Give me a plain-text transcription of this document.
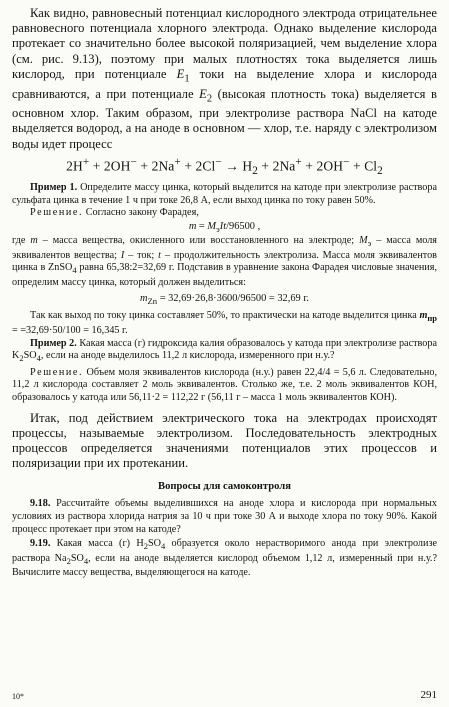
Как видно, равновесный потенциал кислородного электрода отрицательнее равновесного потенциала хлорного электрода. Однако выделение кислорода протекает со значительно более высокой поляризацией, чем выделение хлора (см. рис. 9.13), поэтому при малых плотностях тока выделяется лишь кислород, при потенциале $E_1$ токи на выделение хлора и кислорода сравниваются, а при потенциале $E_2$ (высокая плотность тока) выделяется в основном хлор. Таким образом, при электролизе раствора NaCl на катоде выделяется водород, а на аноде в основном — хлор, т.е. наряду с электролизом воды идет процесс

$2H^+ + 2OH^- + 2Na^+ + 2Cl^- \to H_2 + 2Na^+ + 2OH^- + Cl_2$

Пример 1. Определите массу цинка, который выделится на катоде при электролизе раствора сульфата цинка в течение 1 ч при токе 26,8 А, если выход цинка по току равен 50%.

Решение. Согласно закону Фарадея,

$m = M_эIt/96500$ ,

где m – масса вещества, окисленного или восстановленного на электроде; $M_э$ – масса моля эквивалентов вещества; I – ток; t – продолжительность электролиза. Масса моля эквивалентов цинка в ZnSO$_4$ равна 65,38:2=32,69 г. Подставив в уравнение закона Фарадея числовые значения, определим массу цинка, который должен выделиться:

$m_{Zn} = 32,69\cdot 26,8\cdot 3600/96500 = 32,69$ г.

Так как выход по току цинка составляет 50%, то практически на катоде выделится цинка $m_{пр} = =32,69\cdot 50/100 = 16,345$ г.

Пример 2. Какая масса (г) гидроксида калия образовалось у катода при электролизе раствора $K_2SO_4$, если на аноде выделилось 11,2 л кислорода, измеренного при н.у.?

Решение. Объем моля эквивалентов кислорода (н.у.) равен 22,4/4 = 5,6 л. Следовательно, 11,2 л кислорода составляет 2 моль эквивалентов. Столько же, т.е. 2 моль эквивалентов КОН, образовалось у катода или 56,11·2 = 112,22 г (56,11 г – масса 1 моль эквивалентов КОН).

Итак, под действием электрического тока на электродах происходят процессы, называемые электролизом. Последовательность электродных процессов определяется значениями потенциалов этих процессов и поляризации при их протекании.

Вопросы для самоконтроля

9.18. Рассчитайте объемы выделившихся на аноде хлора и кислорода при нормальных условиях из раствора хлорида натрия за 10 ч при токе 30 А и выходе хлора по току 90%. Какой процесс протекает при этом на катоде?

9.19. Какая масса (г) $H_2SO_4$ образуется около нерастворимого анода при электролизе раствора $Na_2SO_4$, если на аноде выделяется кислород объемом 1,12 л, измеренный при н.у.? Вычислите массу вещества, выделяющегося на катоде.

10*	291
